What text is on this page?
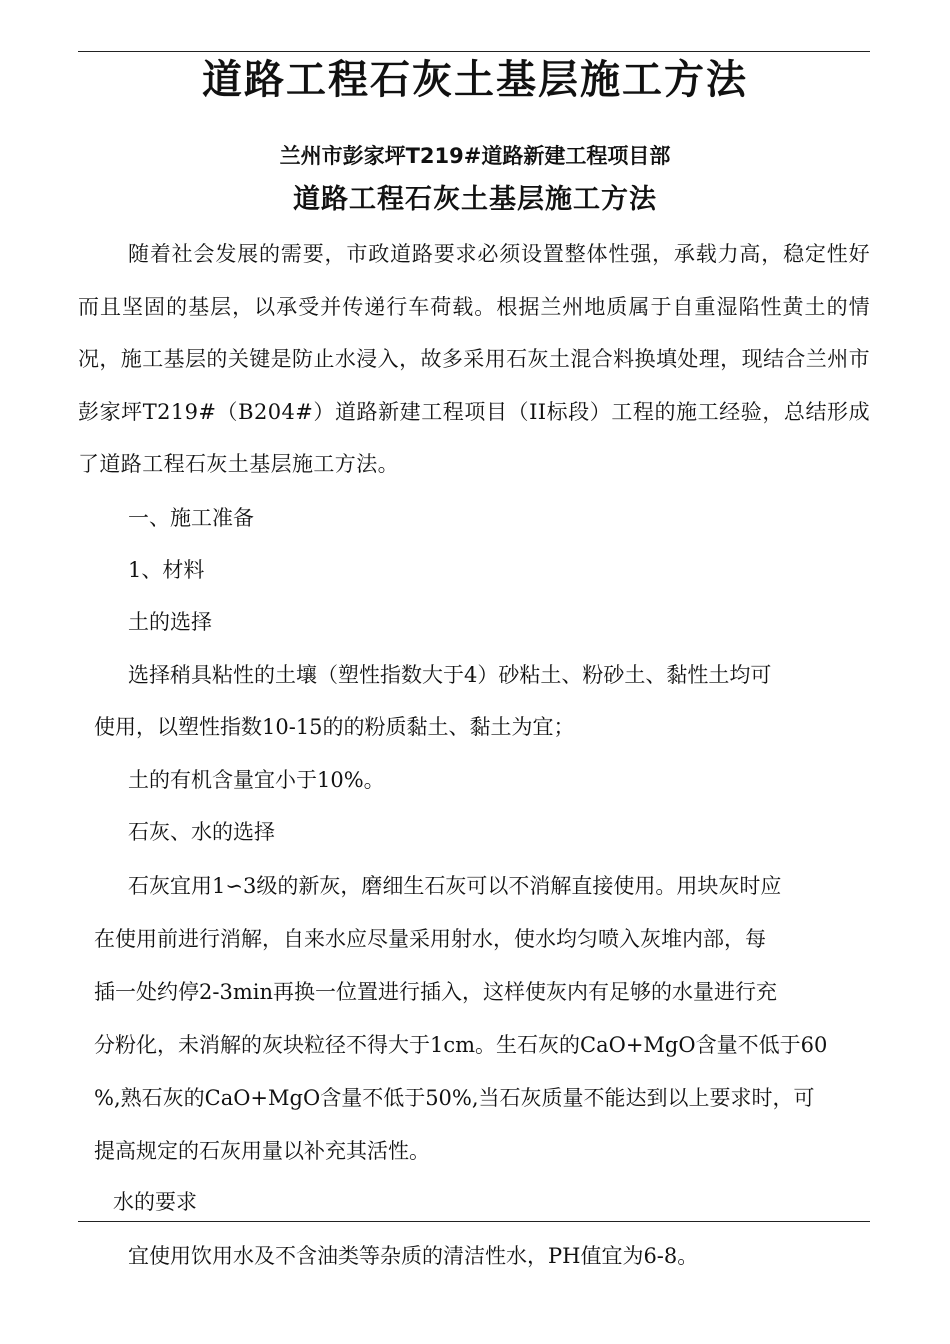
道路工程石灰土基层施工方法
兰州市彭家坪T219#道路新建工程项目部
道路工程石灰土基层施工方法
随着社会发展的需要，市政道路要求必须设置整体性强，承载力高，稳定性好而且坚固的基层，以承受并传递行车荷载。根据兰州地质属于自重湿陷性黄土的情况，施工基层的关键是防止水浸入，故多采用石灰土混合料换填处理，现结合兰州市彭家坪T219#（B204#）道路新建工程项目（II标段）工程的施工经验，总结形成了道路工程石灰土基层施工方法。
一、施工准备
1、材料
土的选择
选择稍具粘性的土壤（塑性指数大于4）砂粘土、粉砂土、黏性土均可
使用，以塑性指数10-15的的粉质黏土、黏土为宜；
土的有机含量宜小于10%。
石灰、水的选择
石灰宜用1∽3级的新灰，磨细生石灰可以不消解直接使用。用块灰时应
在使用前进行消解，自来水应尽量采用射水，使水均匀喷入灰堆内部，每
插一处约停2-3min再换一位置进行插入，这样使灰内有足够的水量进行充
分粉化，未消解的灰块粒径不得大于1cm。生石灰的CaO+MgO含量不低于60
%,熟石灰的CaO+MgO含量不低于50%,当石灰质量不能达到以上要求时，可
提高规定的石灰用量以补充其活性。
水的要求
宜使用饮用水及不含油类等杂质的清洁性水，PH值宜为6-8。
